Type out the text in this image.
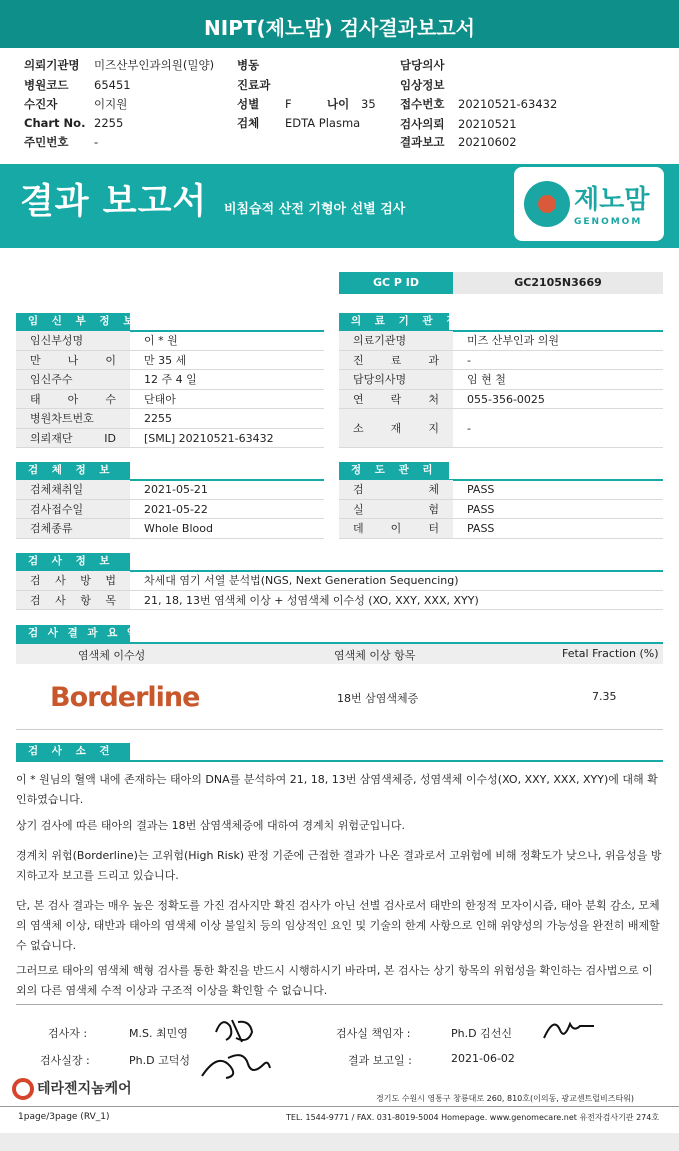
NIPT(제노맘) 검사결과보고서
의뢰기관명 미즈산부인과의원(밀양)
병원코드 65451
수진자	이지원
Chart No. 2255
주민번호 -
병동
진료과
성별 F	나이 35
검체 EDTA Plasma
담당의사
임상정보
접수번호 20210521-63432
검사의뢰 20210521
결과보고 20210602
결과 보고서 비침습적 산전 기형아 선별 검사	제노맘
GENOMOM
GC P ID	GC2105N3669
임 신 부 정 보
임신부성명	이 * 원
만 나 이	만 35 세
임신주수	12 주 4 일
태 아 수	단태아
병원차트번호	2255
의뢰재단 ID	[SML] 20210521-63432
의 료 기 관 정 보
의료기관명	미즈 산부인과 의원
진 료 과	-
담당의사명	임 현 철
연 락 처	055-356-0025
소 재 지	-
검 체 정 보
검체채취일	2021-05-21
검사접수일	2021-05-22
검체종류	Whole Blood
정 도 관 리
검 체	PASS
실 험	PASS
데 이 터	PASS
검 사 정 보
검 사 방 법	차세대 염기 서열 분석법(NGS, Next Generation Sequencing)
검 사 항 목	21, 18, 13번 염색체 이상 + 성염색체 이수성 (XO, XXY, XXX, XYY)
검 사 결 과 요 약
염색체 이수성	염색체 이상 항목	Fetal Fraction (%)
Borderline	18번 삼염색체증	7.35
검 사 소 견
이 * 원님의 혈액 내에 존재하는 태아의 DNA를 분석하여 21, 18, 13번 삼염색체증, 성염색체 이수성(XO, XXY, XXX, XYY)에 대해 확인하였습니다.
상기 검사에 따른 태아의 결과는 18번 삼염색체증에 대하여 경계치 위험군입니다.
경계치 위험(Borderline)는 고위험(High Risk) 판정 기준에 근접한 결과가 나온 결과로서 고위험에 비해 정확도가 낮으나, 위음성을 방지하고자 보고를 드리고 있습니다.
단, 본 검사 결과는 매우 높은 정확도를 가진 검사지만 확진 검사가 아닌 선별 검사로서 태반의 한정적 모자이시즘, 태아 분획 감소, 모체의 염색체 이상, 태반과 태아의 염색체 이상 불일치 등의 임상적인 요인 및 기술의 한계 사항으로 인해 위양성의 가능성을 완전히 배제할 수 없습니다.
그러므로 태아의 염색체 핵형 검사를 통한 확진을 반드시 시행하시기 바라며, 본 검사는 상기 항목의 위험성을 확인하는 검사법으로 이외의 다른 염색체 수적 이상과 구조적 이상을 확인할 수 없습니다.
검사자 :	M.S. 최민영	검사실 책임자 :	Ph.D 김선신
검사실장 :	Ph.D 고덕성	결과 보고일 :	2021-06-02
테라젠지놈케어
경기도 수원시 영통구 창룡대로 260, 810호(이의동, 광교센트럴비즈타워)
TEL. 1544-9771 / FAX. 031-8019-5004 Homepage. www.genomecare.net 유전자검사기관 274호
1page/3page (RV_1)
